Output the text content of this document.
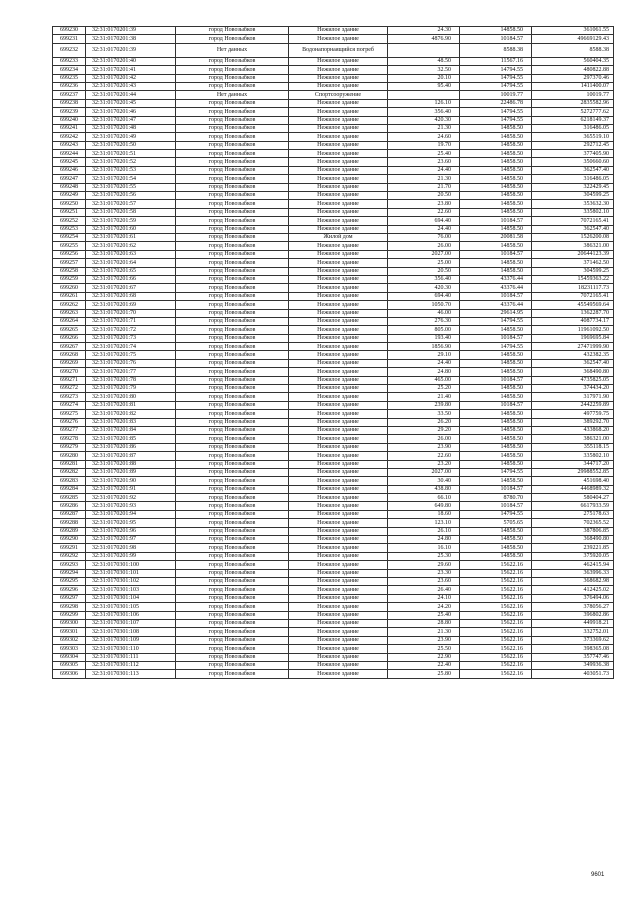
699230	32:31:0170201:39	город Новозыбков	Нежилое здание	24.30	14858.50	361061.55
699231	32:31:0170201:38	город Новозыбков	Нежилое здание	4876.90	10184.57	49669129.43
699232	32:31:0170201:39	Нет данных	Водонапорнаящийся погреб		8588.38	8588.38
699233	32:31:0170201:40	город Новозыбков	Нежилое здание	48.50	11567.16	560404.35
699234	32:31:0170201:41	город Новозыбков	Нежилое здание	32.50	14794.55	480822.88
699235	32:31:0170201:42	город Новозыбков	Нежилое здание	20.10	14794.55	297370.46
699236	32:31:0170201:43	город Новозыбков	Нежилое здание	95.40	14794.55	1411400.07
699237	32:31:0170201:44	Нет данных	Спортсооружение		10019.77	10019.77
699238	32:31:0170201:45	город Новозыбков	Нежилое здание	126.10	22486.78	2835582.96
699239	32:31:0170201:46	город Новозыбков	Нежилое здание	356.40	14794.55	5272777.62
699240	32:31:0170201:47	город Новозыбков	Нежилое здание	420.30	14794.55	6218149.37
699241	32:31:0170201:48	город Новозыбков	Нежилое здание	21.30	14858.50	316486.05
699242	32:31:0170201:49	город Новозыбков	Нежилое здание	24.60	14858.50	365519.10
699243	32:31:0170201:50	город Новозыбков	Нежилое здание	19.70	14858.50	292712.45
699244	32:31:0170201:51	город Новозыбков	Нежилое здание	25.40	14858.50	377405.90
699245	32:31:0170201:52	город Новозыбков	Нежилое здание	23.60	14858.50	350660.60
699246	32:31:0170201:53	город Новозыбков	Нежилое здание	24.40	14858.50	362547.40
699247	32:31:0170201:54	город Новозыбков	Нежилое здание	21.30	14858.50	316486.05
699248	32:31:0170201:55	город Новозыбков	Нежилое здание	21.70	14858.50	322429.45
699249	32:31:0170201:56	город Новозыбков	Нежилое здание	20.50	14858.50	304599.25
699250	32:31:0170201:57	город Новозыбков	Нежилое здание	23.80	14858.50	353632.30
699251	32:31:0170201:58	город Новозыбков	Нежилое здание	22.60	14858.50	335802.10
699252	32:31:0170201:59	город Новозыбков	Нежилое здание	694.40	10184.57	7072165.41
699253	32:31:0170201:60	город Новозыбков	Нежилое здание	24.40	14858.50	362547.40
699254	32:31:0170201:61	город Новозыбков	Жилой дом	76.00	20081.58	1526200.08
699255	32:31:0170201:62	город Новозыбков	Нежилое здание	26.00	14858.50	386321.00
699256	32:31:0170201:63	город Новозыбков	Нежилое здание	2027.00	10184.57	20644123.39
699257	32:31:0170201:64	город Новозыбков	Нежилое здание	25.00	14858.50	371462.50
699258	32:31:0170201:65	город Новозыбков	Нежилое здание	20.50	14858.50	304599.25
699259	32:31:0170201:66	город Новозыбков	Нежилое здание	356.40	43376.44	15459363.22
699260	32:31:0170201:67	город Новозыбков	Нежилое здание	420.30	43376.44	18231117.73
699261	32:31:0170201:68	город Новозыбков	Нежилое здание	694.40	10184.57	7072165.41
699262	32:31:0170201:69	город Новозыбков	Нежилое здание	1050.70	43376.44	45549569.64
699263	32:31:0170201:70	город Новозыбков	Нежилое здание	46.00	29614.95	1362287.70
699264	32:31:0170201:71	город Новозыбков	Нежилое здание	276.30	14794.55	4087734.17
699265	32:31:0170201:72	город Новозыбков	Нежилое здание	805.00	14858.50	11961092.50
699266	32:31:0170201:73	город Новозыбков	Нежилое здание	193.40	10184.57	1969695.84
699267	32:31:0170201:74	город Новозыбков	Нежилое здание	1856.90	14794.55	27471999.90
699268	32:31:0170201:75	город Новозыбков	Нежилое здание	29.10	14858.50	432382.35
699269	32:31:0170201:76	город Новозыбков	Нежилое здание	24.40	14858.50	362547.40
699270	32:31:0170201:77	город Новозыбков	Нежилое здание	24.80	14858.50	368490.80
699271	32:31:0170201:78	город Новозыбков	Нежилое здание	465.00	10184.57	4735825.05
699272	32:31:0170201:79	город Новозыбков	Нежилое здание	25.20	14858.50	374434.20
699273	32:31:0170201:80	город Новозыбков	Нежилое здание	21.40	14858.50	317971.90
699274	32:31:0170201:81	город Новозыбков	Нежилое здание	239.80	10184.57	2442259.89
699275	32:31:0170201:82	город Новозыбков	Нежилое здание	33.50	14858.50	497759.75
699276	32:31:0170201:83	город Новозыбков	Нежилое здание	26.20	14858.50	389292.70
699277	32:31:0170201:84	город Новозыбков	Нежилое здание	29.20	14858.50	433868.20
699278	32:31:0170201:85	город Новозыбков	Нежилое здание	26.00	14858.50	386321.00
699279	32:31:0170201:86	город Новозыбков	Нежилое здание	23.90	14858.50	355118.15
699280	32:31:0170201:87	город Новозыбков	Нежилое здание	22.60	14858.50	335802.10
699281	32:31:0170201:88	город Новозыбков	Нежилое здание	23.20	14858.50	344717.20
699282	32:31:0170201:89	город Новозыбков	Нежилое здание	2027.00	14794.55	29988552.85
699283	32:31:0170201:90	город Новозыбков	Нежилое здание	30.40	14858.50	451698.40
699284	32:31:0170201:91	город Новозыбков	Нежилое здание	438.80	10184.57	4468989.32
699285	32:31:0170201:92	город Новозыбков	Нежилое здание	66.10	8780.70	580404.27
699286	32:31:0170201:93	город Новозыбков	Нежилое здание	649.80	10184.57	6617933.59
699287	32:31:0170201:94	город Новозыбков	Нежилое здание	18.60	14794.55	275178.63
699288	32:31:0170201:95	город Новозыбков	Нежилое здание	123.10	5705.65	702365.52
699289	32:31:0170201:96	город Новозыбков	Нежилое здание	26.10	14858.50	387806.85
699290	32:31:0170201:97	город Новозыбков	Нежилое здание	24.80	14858.50	368490.80
699291	32:31:0170201:98	город Новозыбков	Нежилое здание	16.10	14858.50	239221.85
699292	32:31:0170201:99	город Новозыбков	Нежилое здание	25.30	14858.50	375920.05
699293	32:31:0170301:100	город Новозыбков	Нежилое здание	29.60	15622.16	462415.94
699294	32:31:0170301:101	город Новозыбков	Нежилое здание	23.30	15622.16	363996.33
699295	32:31:0170301:102	город Новозыбков	Нежилое здание	23.60	15622.16	368682.98
699296	32:31:0170301:103	город Новозыбков	Нежилое здание	26.40	15622.16	412425.02
699297	32:31:0170301:104	город Новозыбков	Нежилое здание	24.10	15622.16	376494.06
699298	32:31:0170301:105	город Новозыбков	Нежилое здание	24.20	15622.16	378056.27
699299	32:31:0170301:106	город Новозыбков	Нежилое здание	25.40	15622.16	396802.86
699300	32:31:0170301:107	город Новозыбков	Нежилое здание	28.80	15622.16	449918.21
699301	32:31:0170301:108	город Новозыбков	Нежилое здание	21.30	15622.16	332752.01
699302	32:31:0170301:109	город Новозыбков	Нежилое здание	23.90	15622.16	373369.62
699303	32:31:0170301:110	город Новозыбков	Нежилое здание	25.50	15622.16	398365.08
699304	32:31:0170301:111	город Новозыбков	Нежилое здание	22.90	15622.16	357747.46
699305	32:31:0170301:112	город Новозыбков	Нежилое здание	22.40	15622.16	349936.38
699306	32:31:0170301:113	город Новозыбков	Нежилое здание	25.80	15622.16	403051.73
9601
